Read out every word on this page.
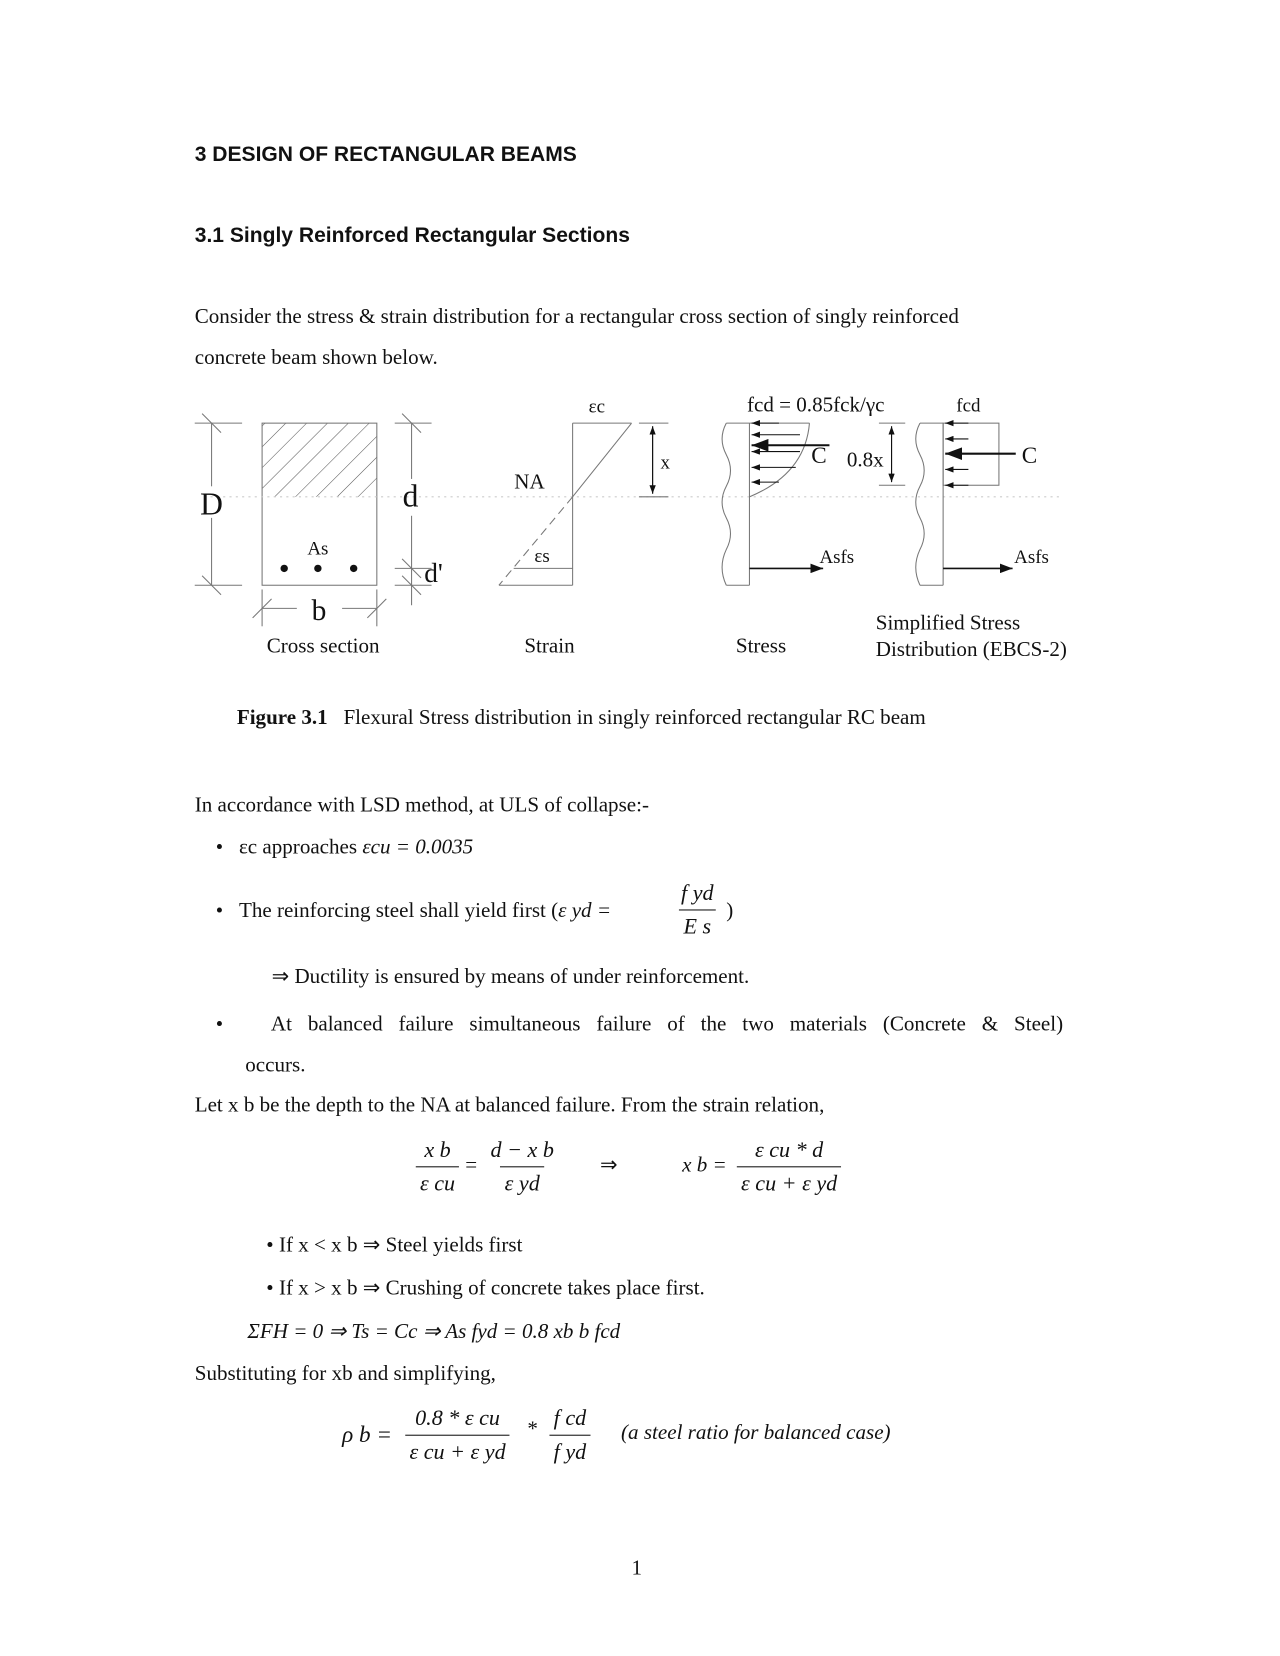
3 DESIGN OF RECTANGULAR BEAMS
3.1 Singly Reinforced Rectangular Sections
Consider the stress & strain distribution for a rectangular cross section of singly reinforced
concrete beam shown below.
D	d
d'
As
b
Cross section
εc
NA
εs
x
Strain
fcd = 0.85fck/γc
C 0.8x
Asfs
Stress
fcd
C
Asfs
Simplified Stress
Distribution (EBCS-2)
Figure 3.1 Flexural Stress distribution in singly reinforced rectangular RC beam
In accordance with LSD method, at ULS of collapse:-
•   εc approaches εcu = 0.0035
•   The reinforcing steel shall yield first (ε yd =	$\frac{\text{f yd}}{\text{E s}}$ )
⇒ Ductility is ensured by means of under reinforcement.
•   At balanced failure simultaneous failure of the two materials (Concrete & Steel)
occurs.
Let x b be the depth to the NA at balanced failure. From the strain relation,
$\frac{\text{x b}}{\text{ε cu}} = \frac{\text{d − x b}}{\text{ε yd}}$ ⇒	x $b = \frac{\text{ε cu * d}}{\text{ε cu + ε yd}}$
• If x < x b ⇒ Steel yields first
• If x > x b ⇒ Crushing of concrete takes place first.
ΣFH = 0 ⇒ Ts = Cc ⇒ As fyd = 0.8 xb b fcd
Substituting for xb and simplifying,
ρ $b = \frac{\text{0.8 * ε cu}}{\text{ε cu + ε yd}} * \frac{\text{f cd}}{\text{f yd}} (a$ steel ratio for balanced case)
1
